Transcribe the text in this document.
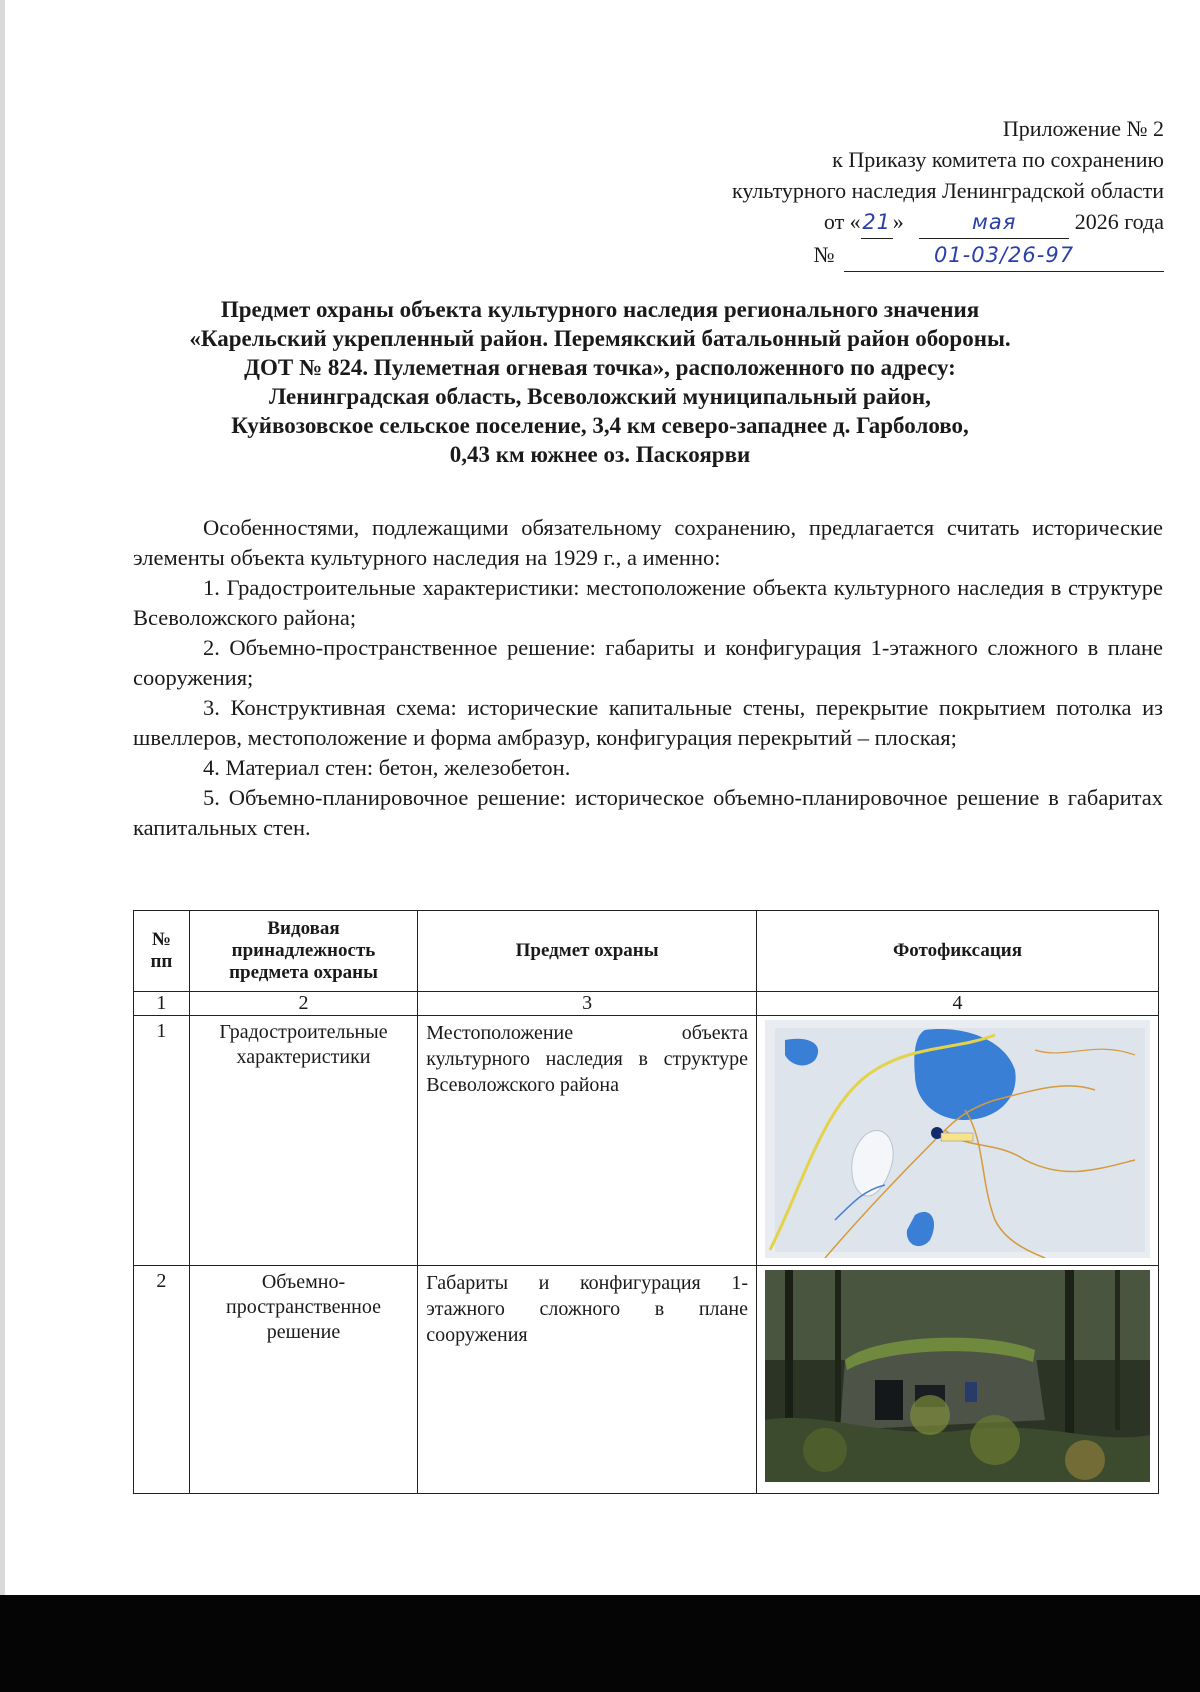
Приложение № 2
к Приказу комитета по сохранению
культурного наследия Ленинградской области
от «21»	мая	2026 года
№	01-03/26-97
Предмет охраны объекта культурного наследия регионального значения
«Карельский укрепленный район. Перемякский батальонный район обороны.
ДОТ № 824. Пулеметная огневая точка», расположенного по адресу:
Ленинградская область, Всеволожский муниципальный район,
Куйвозовское сельское поселение, 3,4 км северо-западнее д. Гарболово,
0,43 км южнее оз. Паскоярви

Особенностями, подлежащими обязательному сохранению, предлагается считать исторические элементы объекта культурного наследия на 1929 г., а именно:

1. Градостроительные характеристики: местоположение объекта культурного наследия в структуре Всеволожского района;

2. Объемно-пространственное решение: габариты и конфигурация 1-этажного сложного в плане сооружения;

3. Конструктивная схема: исторические капитальные стены, перекрытие покрытием потолка из швеллеров, местоположение и форма амбразур, конфигурация перекрытий – плоская;

4. Материал стен: бетон, железобетон.

5. Объемно-планировочное решение: историческое объемно-планировочное решение в габаритах капитальных стен.

№ пп	Видовая принадлежность предмета охраны	Предмет охраны	Фотофиксация
1	2	3	4
1	Градостроительные характеристики	Местоположение объекта культурного наследия в структуре Всеволожского района	

2	Объемно-пространственное решение	Габариты и конфигурация 1-этажного сложного в плане сооружения	
